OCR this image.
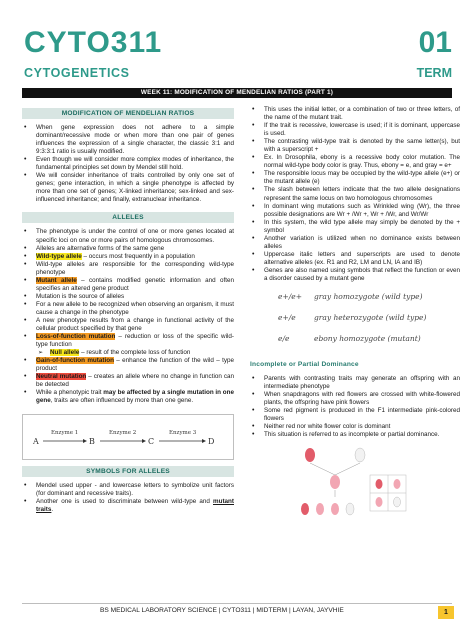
CYTO311	01
CYTOGENETICS	TERM
WEEK 11: MODIFICATION OF MENDELIAN RATIOS (PART 1)
MODIFICATION OF MENDELIAN RATIOS
• When gene expression does not adhere to a simple dominant/recessive mode or when more than one pair of genes influences the expression of a single character, the classic 3:1 and 9:3:3:1 ratio is usually modified.
• Even though we will consider more complex modes of inheritance, the fundamental principles set down by Mendel still hold.
• We will consider inheritance of traits controlled by only one set of genes; gene interaction, in which a single phenotype is affected by more than one set of genes; X-linked inheritance; sex-linked and sex-influenced inheritance; and finally, extranuclear inheritance.
ALLELES
• The phenotype is under the control of one or more genes located at specific loci on one or more pairs of homologous chromosomes.
• Alleles are alternative forms of the same gene
• Wild-type allele – occurs most frequently in a population
• Wild-type alleles are responsible for the corresponding wild-type phenotype
• Mutant allele – contains modified genetic information and often specifies an altered gene product
• Mutation is the source of alleles
• For a new allele to be recognized when observing an organism, it must cause a change in the phenotype
• A new phenotype results from a change in functional activity of the cellular product specified by that gene
• Loss-of-function mutation – reduction or loss of the specific wild-type function
➢ Null allele – result of the complete loss of function
• Gain-of-function mutation – enhance the function of the wild – type product
• Neutral mutation – creates an allele where no change in function can be detected
• While a phenotypic trait may be affected by a single mutation in one gene, traits are often influenced by more than one gene.
A	B	C	D
Enzyme 1	Enzyme 2	Enzyme 3
SYMBOLS FOR ALLELES
• Mendel used upper - and lowercase letters to symbolize unit factors (for dominant and recessive traits).
• Another one is used to discriminate between wild-type and mutant traits.
• This uses the initial letter, or a combination of two or three letters, of the name of the mutant trait.
• If the trait is recessive, lowercase is used; if it is dominant, uppercase is used.
• The contrasting wild-type trait is denoted by the same letter(s), but with a superscript +
• Ex. In Drosophila, ebony is a recessive body color mutation. The normal wild-type body color is gray. Thus, ebony = e, and gray = e+
• The responsible locus may be occupied by the wild-type allele (e+) or the mutant allele (e)
• The slash between letters indicate that the two allele designations represent the same locus on two homologous chromosomes
• In dominant wing mutations such as Wrinkled wing (Wr), the three possible designations are Wr + /Wr +, Wr + /Wr, and Wr/Wr
• In this system, the wild type allele may simply be denoted by the + symbol
• Another variation is utilized when no dominance exists between alleles
• Uppercase italic letters and superscripts are used to denote alternative alleles (ex. R1 and R2, LM and LN, IA and IB)
• Genes are also named using symbols that reflect the function or even a disorder caused by a mutant gene
e+/e+ gray homozygote (wild type)
e+/e gray heterozygote (wild type)
e/e	ebony homozygote (mutant)
Incomplete or Partial Dominance
• Parents with contrasting traits may generate an offspring with an intermediate phenotype
• When snapdragons with red flowers are crossed with white-flowered plants, the offspring have pink flowers
• Some red pigment is produced in the F1 intermediate pink-colored flowers
• Neither red nor white flower color is dominant
• This situation is referred to as incomplete or partial dominance.
BS MEDICAL LABORATORY SCIENCE | CYTO311 | MIDTERM | LAYAN, JAYVHIE	1
